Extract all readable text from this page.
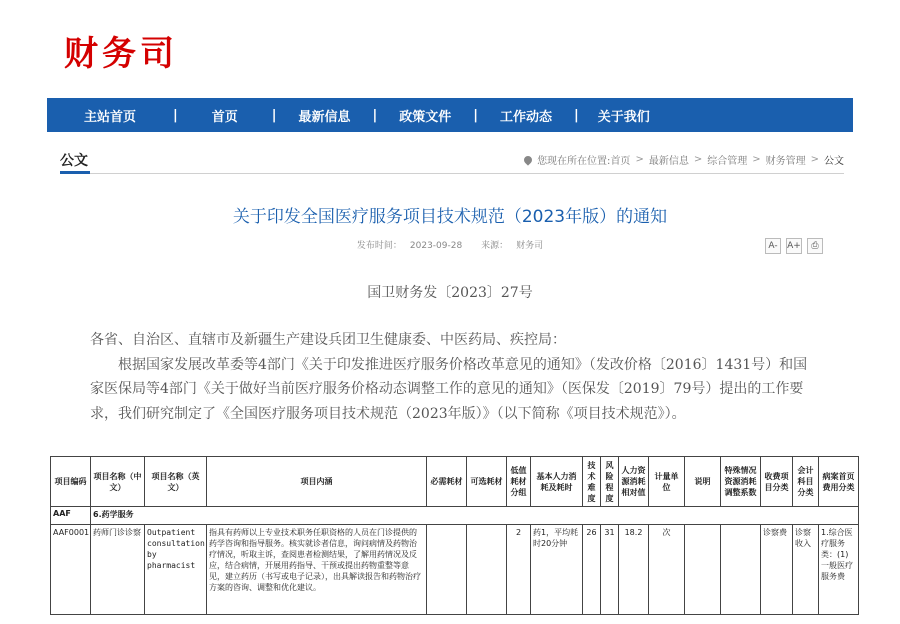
财务司
主站首页	|	首页	|	最新信息	|	政策文件	|	工作动态	|	关于我们
公文	您现在所在位置: 首页 > 最新信息 > 综合管理 > 财务管理 > 公文
关于印发全国医疗服务项目技术规范（2023年版）的通知
发布时间： 2023-09-28 来源： 财务司	A-	A+	⎙
国卫财务发〔2023〕27号

各省、自治区、直辖市及新疆生产建设兵团卫生健康委、中医药局、疾控局：

根据国家发展改革委等4部门《关于印发推进医疗服务价格改革意见的通知》（发改价格〔2016〕1431号）和国家医保局等4部门《关于做好当前医疗服务价格动态调整工作的意见的通知》（医保发〔2019〕79号）提出的工作要求，我们研究制定了《全国医疗服务项目技术规范（2023年版）》（以下简称《项目技术规范》）。

项目编码	项目名称（中文）	项目名称（英文）	项目内涵	必需耗材	可选耗材	低值耗材分组	基本人力消耗及耗时	技术难度	风险程度	人力资源消耗相对值	计量单位	说明	特殊情况资源消耗调整系数	收费项目分类	会计科目分类	病案首页费用分类
AAF	6.药学服务															
AAF0001	药师门诊诊察	Outpatient consultation by pharmacist	指具有药师以上专业技术职务任职资格的人员在门诊提供的药学咨询和指导服务。核实就诊者信息，询问病情及药物治疗情况，听取主诉，查阅患者检测结果，了解用药情况及反应，结合病情，开展用药指导、干预或提出药物重整等意见，建立药历（书写或电子记录），出具解读报告和药物治疗方案的咨询、调整和优化建议。			2	药1，平均耗时20分钟	26	31	18.2	次			诊察费	诊察收入	1.综合医疗服务类：(1)一般医疗服务费
